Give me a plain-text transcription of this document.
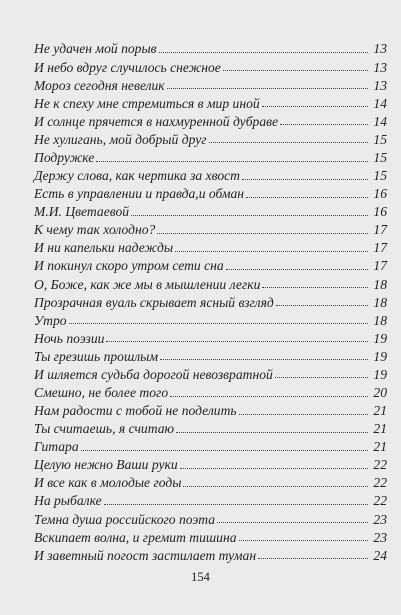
Не удачен мой порыв	13
И небо вдруг случилось снежное	13
Мороз сегодня невелик	13
Не к спеху мне стремиться в мир иной	14
И солнце прячется в нахмуренной дубраве	14
Не хулигань, мой добрый друг	15
Подружке	15
Держу слова, как чертика за хвост	15
Есть в управлении и правда,и обман	16
М.И. Цветаевой	16
К чему так холодно?	17
И ни капельки надежды	17
И покинул скоро утром сети сна	17
О, Боже, как же мы в мышлении легки	18
Прозрачная вуаль скрывает ясный взгляд	18
Утро	18
Ночь поэзии	19
Ты грезишь прошлым	19
И шляется судьба дорогой невозвратной	19
Смешно, не более того	20
Нам радости с тобой не поделить	21
Ты считаешь, я считаю	21
Гитара	21
Целую нежно Ваши руки	22
И все как в молодые годы	22
На рыбалке	22
Темна душа российского поэта	23
Вскипает волна, и гремит тишина	23
И заветный погост застилает туман	24
154
